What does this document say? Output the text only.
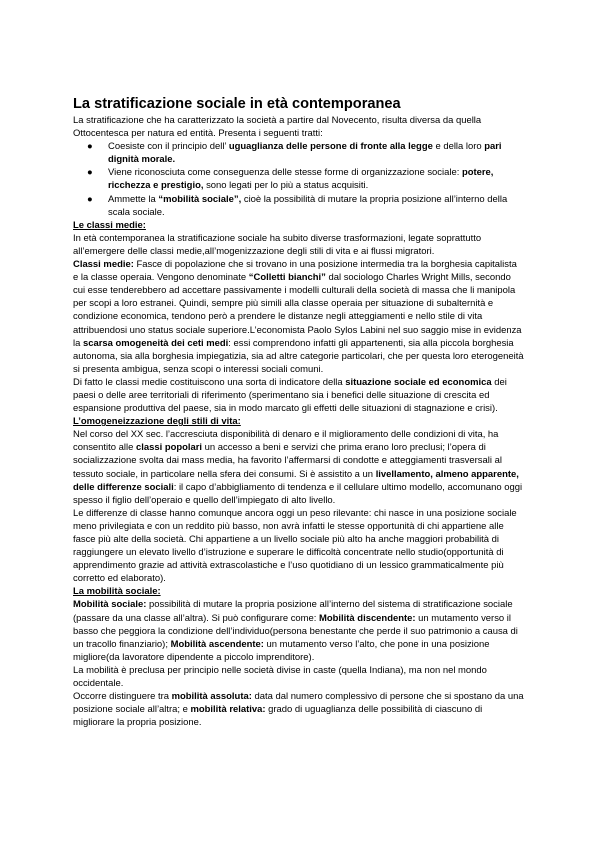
La stratificazione sociale in età contemporanea

La stratificazione che ha caratterizzato la società a partire dal Novecento, risulta diversa da quella Ottocentesca per natura ed entità. Presenta i seguenti tratti:

● Coesiste con il principio dell’ uguaglianza delle persone di fronte alla legge e della loro pari dignità morale.
● Viene riconosciuta come conseguenza delle stesse forme di organizzazione sociale: potere, ricchezza e prestigio, sono legati per lo più a status acquisiti.
● Ammette la “mobilità sociale”, cioè la possibilità di mutare la propria posizione all’interno della scala sociale.

Le classi medie:

In età contemporanea la stratificazione sociale ha subito diverse trasformazioni, legate soprattutto all’emergere delle classi medie,all’mogenizzazione degli stili di vita e ai flussi migratori.

Classi medie: Fasce di popolazione che si trovano in una posizione intermedia tra la borghesia capitalista e la classe operaia. Vengono denominate “Colletti bianchi” dal sociologo Charles Wright Mills, secondo cui esse tenderebbero ad accettare passivamente i modelli culturali della società di massa che li manipola per scopi a loro estranei. Quindi, sempre più simili alla classe operaia per situazione di subalternità e condizione economica, tendono però a prendere le distanze negli atteggiamenti e nello stile di vita attribuendosi uno status sociale superiore.L’economista Paolo Sylos Labini nel suo saggio mise in evidenza la scarsa omogeneità dei ceti medi: essi comprendono infatti gli appartenenti, sia alla piccola borghesia autonoma, sia alla borghesia impiegatizia, sia ad altre categorie particolari, che per questa loro eterogeneità si presenta ambigua, senza scopi o interessi sociali comuni.

Di fatto le classi medie costituiscono una sorta di indicatore della situazione sociale ed economica dei paesi o delle aree territoriali di riferimento (sperimentano sia i benefici delle situazione di crescita ed espansione produttiva del paese, sia in modo marcato gli effetti delle situazioni di stagnazione e crisi).

L’omogeneizzazione degli stili di vita:

Nel corso del XX sec. l’accresciuta disponibilità di denaro e il miglioramento delle condizioni di vita, ha consentito alle classi popolari un accesso a beni e servizi che prima erano loro preclusi; l’opera di socializzazione svolta dai mass media, ha favorito l’affermarsi di condotte e atteggiamenti trasversali al tessuto sociale, in particolare nella sfera dei consumi. Si è assistito a un livellamento, almeno apparente, delle differenze sociali: il capo d’abbigliamento di tendenza e il cellulare ultimo modello, accomunano oggi spesso il figlio dell’operaio e quello dell’impiegato di alto livello.

Le differenze di classe hanno comunque ancora oggi un peso rilevante: chi nasce in una posizione sociale meno privilegiata e con un reddito più basso, non avrà infatti le stesse opportunità di chi appartiene alle fasce più alte della società. Chi appartiene a un livello sociale più alto ha anche maggiori probabilità di raggiungere un elevato livello d’istruzione e superare le difficoltà concentrate nello studio(opportunità di apprendimento grazie ad attività extrascolastiche e l’uso quotidiano di un lessico grammaticalmente più corretto ed elaborato).

La mobilità sociale:

Mobilità sociale: possibilità di mutare la propria posizione all’interno del sistema di stratificazione sociale (passare da una classe all’altra). Si può configurare come: Mobilità discendente: un mutamento verso il basso che peggiora la condizione dell’individuo(persona benestante che perde il suo patrimonio a causa di un tracollo finanziario); Mobilità ascendente: un mutamento verso l’alto, che pone in una posizione migliore(da lavoratore dipendente a piccolo imprenditore).

La mobilità è preclusa per principio nelle società divise in caste (quella Indiana), ma non nel mondo occidentale.

Occorre distinguere tra mobilità assoluta: data dal numero complessivo di persone che si spostano da una posizione sociale all’altra; e mobilità relativa: grado di uguaglianza delle possibilità di ciascuno di migliorare la propria posizione.
